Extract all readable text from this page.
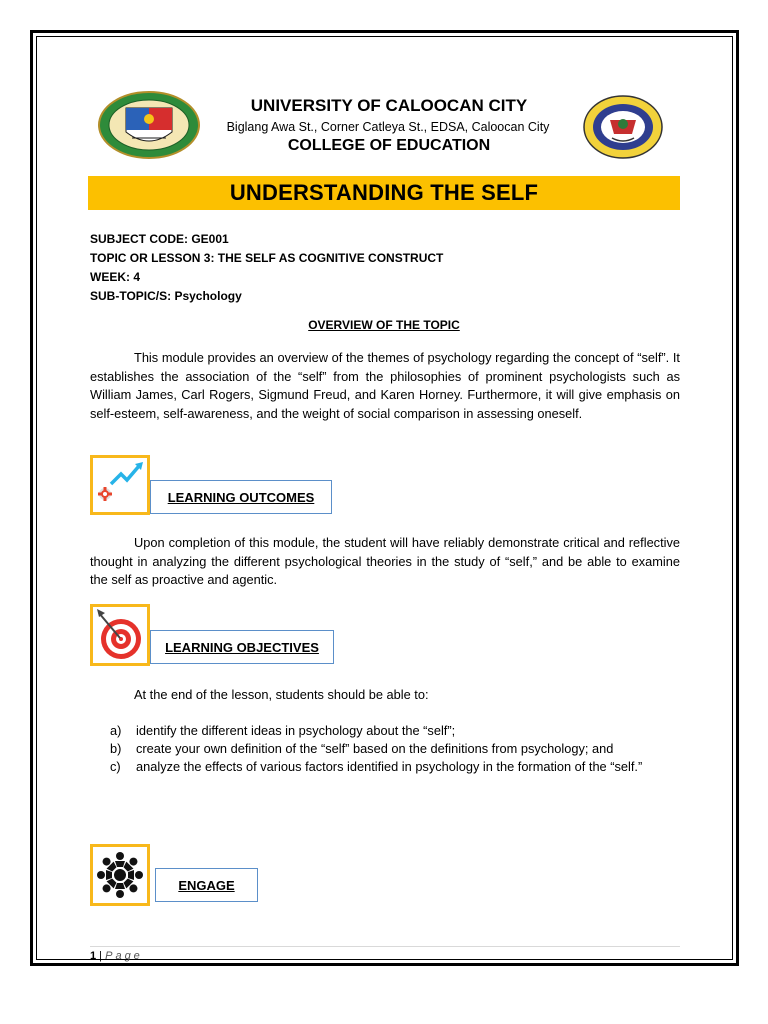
UNIVERSITY OF CALOOCAN CITY
Biglang Awa St., Corner Catleya St., EDSA, Caloocan City
COLLEGE OF EDUCATION
UNDERSTANDING THE SELF
SUBJECT CODE: GE001
TOPIC OR LESSON 3: THE SELF AS COGNITIVE CONSTRUCT
WEEK: 4
SUB-TOPIC/S: Psychology
OVERVIEW OF THE TOPIC
This module provides an overview of the themes of psychology regarding the concept of “self”. It establishes the association of the “self” from the philosophies of prominent psychologists such as William James, Carl Rogers, Sigmund Freud, and Karen Horney. Furthermore, it will give emphasis on self-esteem, self-awareness, and the weight of social comparison in assessing oneself.
LEARNING OUTCOMES
Upon completion of this module, the student will have reliably demonstrate critical and reflective thought in analyzing the different psychological theories in the study of “self,” and be able to examine the self as proactive and agentic.
LEARNING OBJECTIVES
At the end of the lesson, students should be able to:
a)	identify the different ideas in psychology about the “self”;
b)	create your own definition of the “self” based on the definitions from psychology; and
c)	analyze the effects of various factors identified in psychology in the formation of the “self.”
ENGAGE
1 | Page
